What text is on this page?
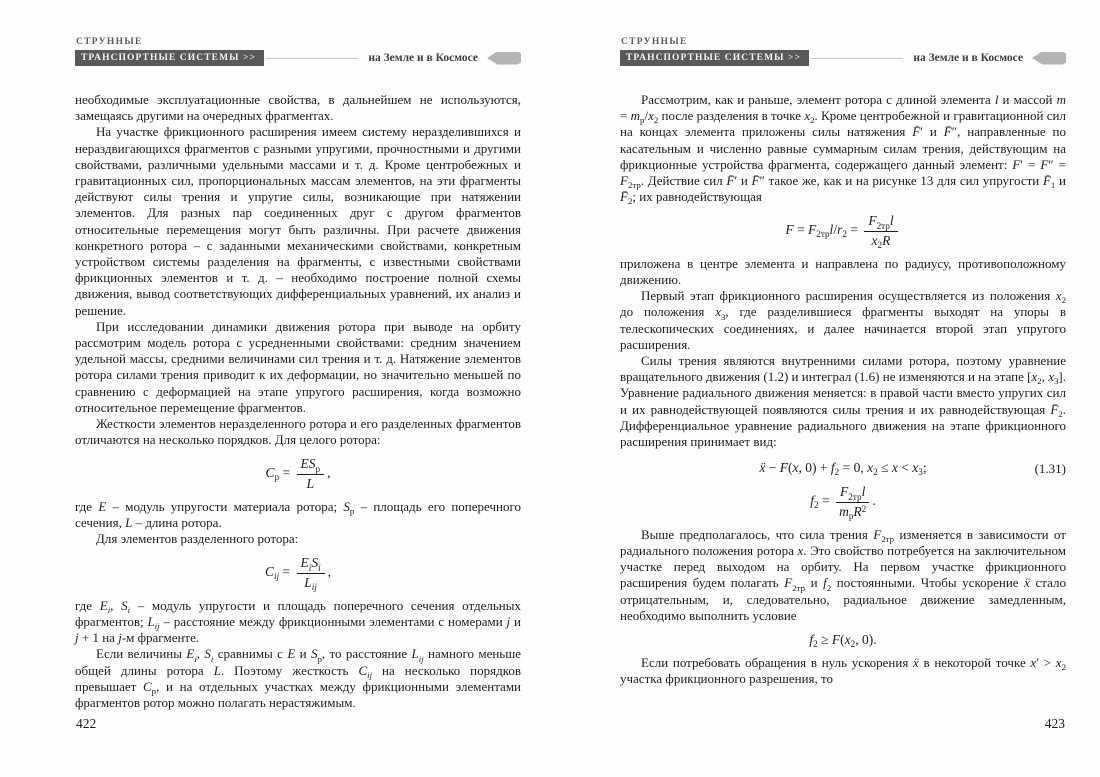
СТРУННЫЕ
ТРАНСПОРТНЫЕ СИСТЕМЫ >>	на Земле и в Космосе

необходимые эксплуатационные свойства, в дальнейшем не используются, замещаясь другими на очередных фрагментах.

На участке фрикционного расширения имеем систему неразделившихся и нераздвигающихся фрагментов с разными упругими, прочностными и другими свойствами, различными удельными массами и т. д. Кроме центробежных и гравитационных сил, пропорциональных массам элементов, на эти фрагменты действуют силы трения и упругие силы, возникающие при натяжении элементов. Для разных пар соединенных друг с другом фрагментов относительные перемещения могут быть различны. При расчете движения конкретного ротора – с заданными механическими свойствами, конкретным устройством системы разделения на фрагменты, с известными свойствами фрикционных элементов и т. д. – необходимо построение полной схемы движения, вывод соответствующих дифференциальных уравнений, их анализ и решение.

При исследовании динамики движения ротора при выводе на орбиту рассмотрим модель ротора с усредненными свойствами: средним значением удельной массы, средними величинами сил трения и т. д. Натяжение элементов ротора силами трения приводит к их деформации, но значительно меньшей по сравнению с деформацией на этапе упругого расширения, когда возможно относительное перемещение фрагментов.

Жесткости элементов неразделенного ротора и его разделенных фрагментов отличаются на несколько порядков. Для целого ротора:

$C_p = \frac{ES_p}{L}$ ,

где E – модуль упругости материала ротора; $S_p$ – площадь его поперечного сечения, L – длина ротора.

Для элементов разделенного ротора:

$C_{ij} = \frac{E_iS_i}{L_{ij}}$ ,

где $E_i$, $S_i$ – модуль упругости и площадь поперечного сечения отдельных фрагментов; $L_{ij}$ – расстояние между фрикционными элементами с номерами j и j + 1 на j-м фрагменте.

Если величины $E_i$, $S_i$ сравнимы с E и $S_p$, то расстояние $L_{ij}$ намного меньше общей длины ротора L. Поэтому жесткость $C_{ij}$ на несколько порядков превышает $C_p$, и на отдельных участках между фрикционными элементами фрагментов ротор можно полагать нерастяжимым.

422
СТРУННЫЕ
ТРАНСПОРТНЫЕ СИСТЕМЫ >>	на Земле и в Космосе

Рассмотрим, как и раньше, элемент ротора с длиной элемента l и массой $m = m_p/x_2$ после разделения в точке $x_2$. Кроме центробежной и гравитационной сил на концах элемента приложены силы натяжения F̄′ и F̄″, направленные по касательным и численно равные суммарным силам трения, действующим на фрикционные устройства фрагмента, содержащего данный элемент: $F' = F'' = F_{2тр}$. Действие сил F̄′ и F̄″ такое же, как и на рисунке 13 для сил упругости $F̄_1$ и $F̄_2$; их равнодействующая

$F = F_{2тр}l/r_2 = \frac{F_{2тр}l}{x_2R}$

приложена в центре элемента и направлена по радиусу, противоположному движению.

Первый этап фрикционного расширения осуществляется из положения $x_2$ до положения $x_3$, где разделившиеся фрагменты выходят на упоры в телескопических соединениях, и далее начинается второй этап упругого расширения.

Силы трения являются внутренними силами ротора, поэтому уравнение вращательного движения (1.2) и интеграл (1.6) не изменяются и на этапе [$x_2$, $x_3$]. Уравнение радиального движения меняется: в правой части вместо упругих сил и их равнодействующей появляются силы трения и их равнодействующая $F̄_2$. Дифференциальное уравнение радиального движения на этапе фрикционного расширения принимает вид:

ẍ − F(x, $0) + f_2 = 0$, $x_2 \le x < x_3$;	(1.31)
$f_2 = \frac{F_{2тр}l}{m_pR^2}$ .

Выше предполагалось, что сила трения $F_{2тр}$ изменяется в зависимости от радиального положения ротора x. Это свойство потребуется на заключительном участке перед выходом на орбиту. На первом участке фрикционного расширения будем полагать $F_{2тр}$ и $f_2$ постоянными. Чтобы ускорение ẍ стало отрицательным, и, следовательно, радиальное движение замедленным, необходимо выполнить условие

$f_2 \ge F(x_2$, 0).

Если потребовать обращения в нуль ускорения ẍ в некоторой точке $x' > x_2$ участка фрикционного разрешения, то

423
